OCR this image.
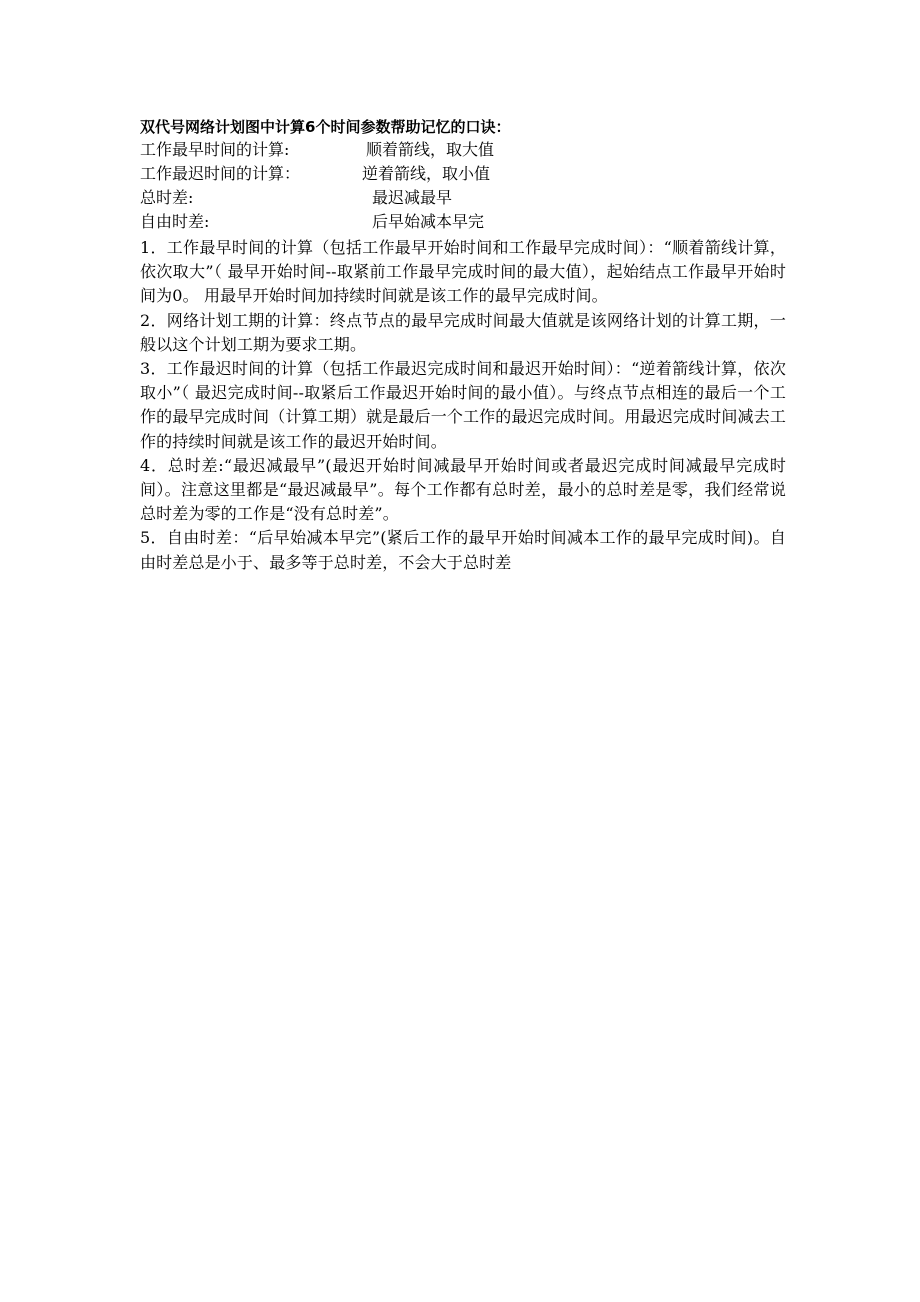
双代号网络计划图中计算6个时间参数帮助记忆的口诀：
工作最早时间的计算:	顺着箭线，取大值
工作最迟时间的计算：	逆着箭线，取小值
总时差:	最迟减最早
自由时差:	后早始减本早完

1．工作最早时间的计算（包括工作最早开始时间和工作最早完成时间）：“顺着箭线计算，依次取大”（ 最早开始时间--取紧前工作最早完成时间的最大值），起始结点工作最早开始时间为0。 用最早开始时间加持续时间就是该工作的最早完成时间。

2．网络计划工期的计算：终点节点的最早完成时间最大值就是该网络计划的计算工期，一般以这个计划工期为要求工期。

3．工作最迟时间的计算（包括工作最迟完成时间和最迟开始时间）：“逆着箭线计算，依次取小”（ 最迟完成时间--取紧后工作最迟开始时间的最小值）。与终点节点相连的最后一个工作的最早完成时间（计算工期）就是最后一个工作的最迟完成时间。用最迟完成时间减去工作的持续时间就是该工作的最迟开始时间。

4．总时差:“最迟减最早”(最迟开始时间减最早开始时间或者最迟完成时间减最早完成时间）。注意这里都是“最迟减最早”。每个工作都有总时差，最小的总时差是零，我们经常说总时差为零的工作是“没有总时差”。

5．自由时差：“后早始减本早完”(紧后工作的最早开始时间减本工作的最早完成时间)。自由时差总是小于、最多等于总时差，不会大于总时差
